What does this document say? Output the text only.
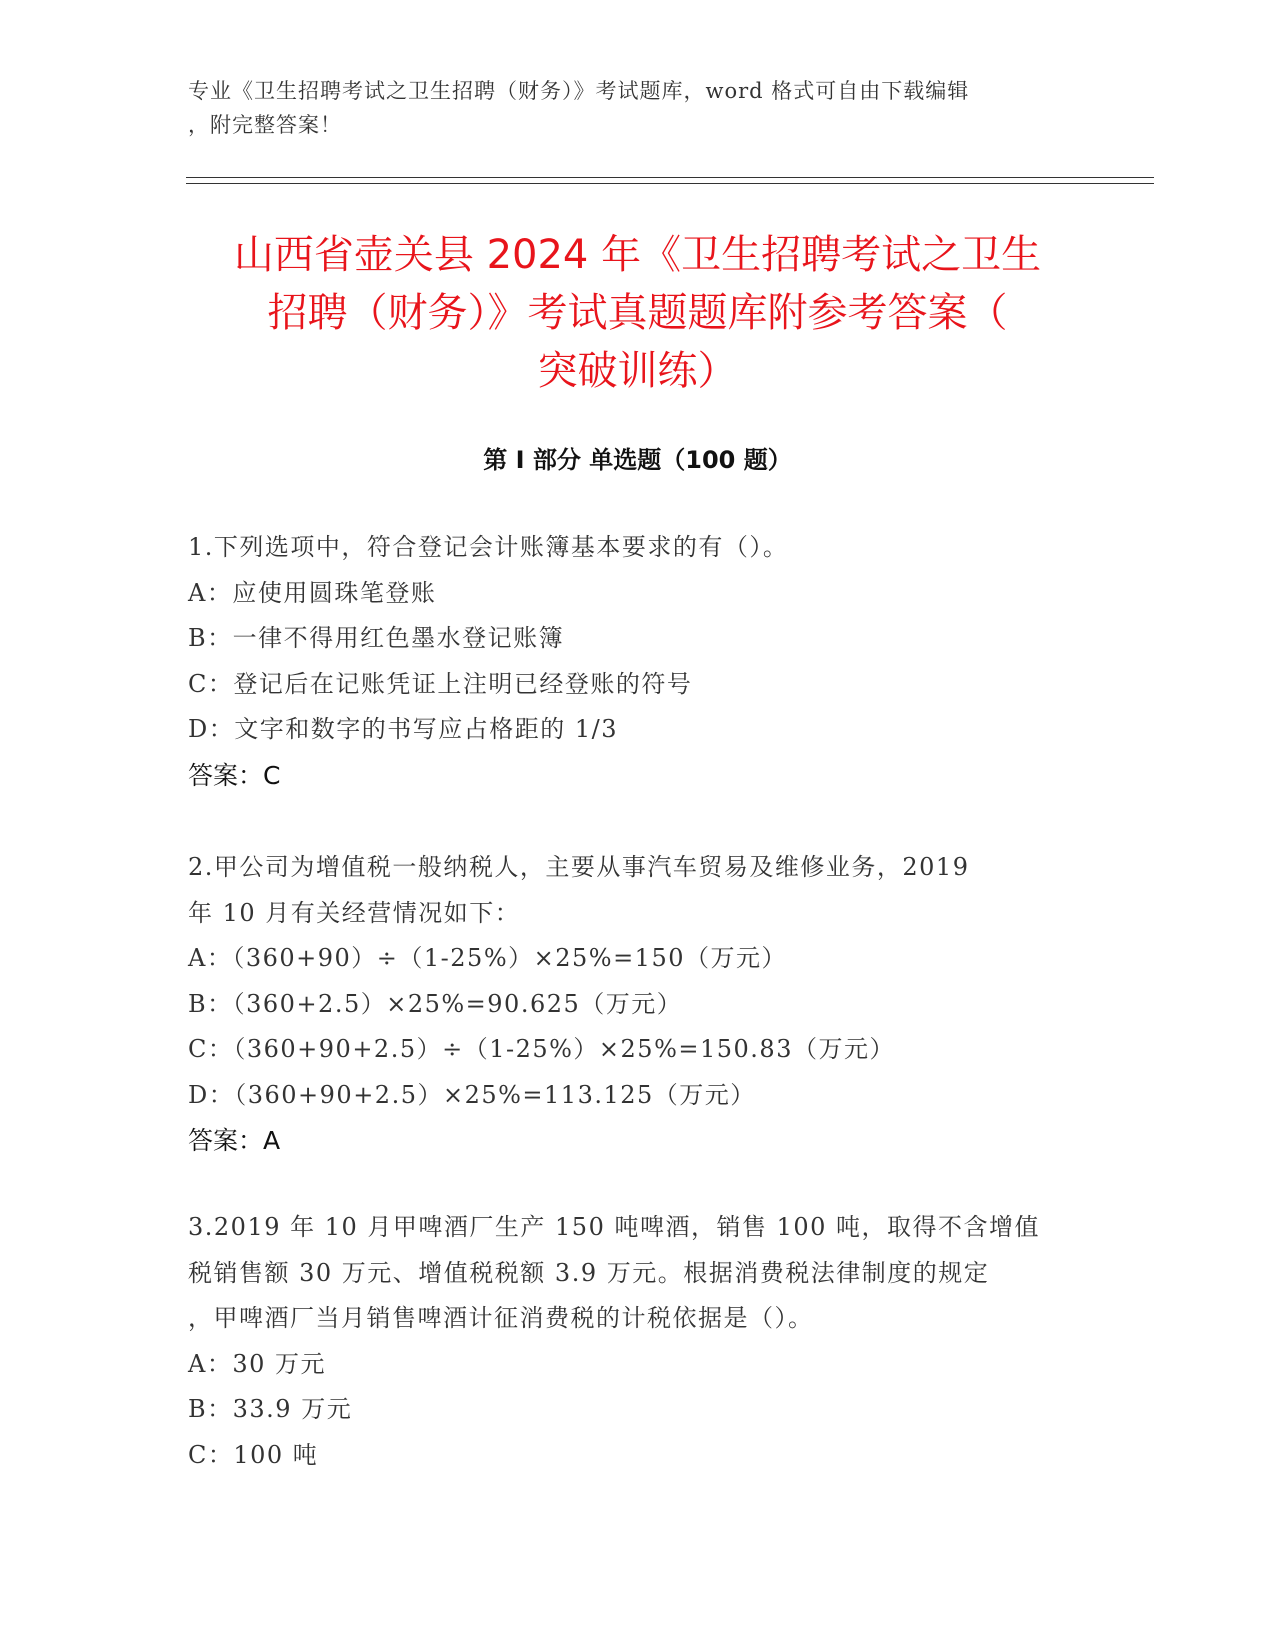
专业《卫生招聘考试之卫生招聘（财务）》考试题库，word 格式可自由下载编辑
，附完整答案！
山西省壶关县 2024 年《卫生招聘考试之卫生
招聘（财务）》考试真题题库附参考答案（
突破训练）
第 I 部分 单选题（100 题）
1.下列选项中，符合登记会计账簿基本要求的有（）。
A：应使用圆珠笔登账
B：一律不得用红色墨水登记账簿
C：登记后在记账凭证上注明已经登账的符号
D：文字和数字的书写应占格距的 1/3
答案：C
2.甲公司为增值税一般纳税人，主要从事汽车贸易及维修业务，2019
年 10 月有关经营情况如下：
A：（360+90）÷（1-25%）×25%=150（万元）
B：（360+2.5）×25%=90.625（万元）
C：（360+90+2.5）÷（1-25%）×25%=150.83（万元）
D：（360+90+2.5）×25%=113.125（万元）
答案：A
3.2019 年 10 月甲啤酒厂生产 150 吨啤酒，销售 100 吨，取得不含增值
税销售额 30 万元、增值税税额 3.9 万元。根据消费税法律制度的规定
，甲啤酒厂当月销售啤酒计征消费税的计税依据是（）。
A：30 万元
B：33.9 万元
C：100 吨
